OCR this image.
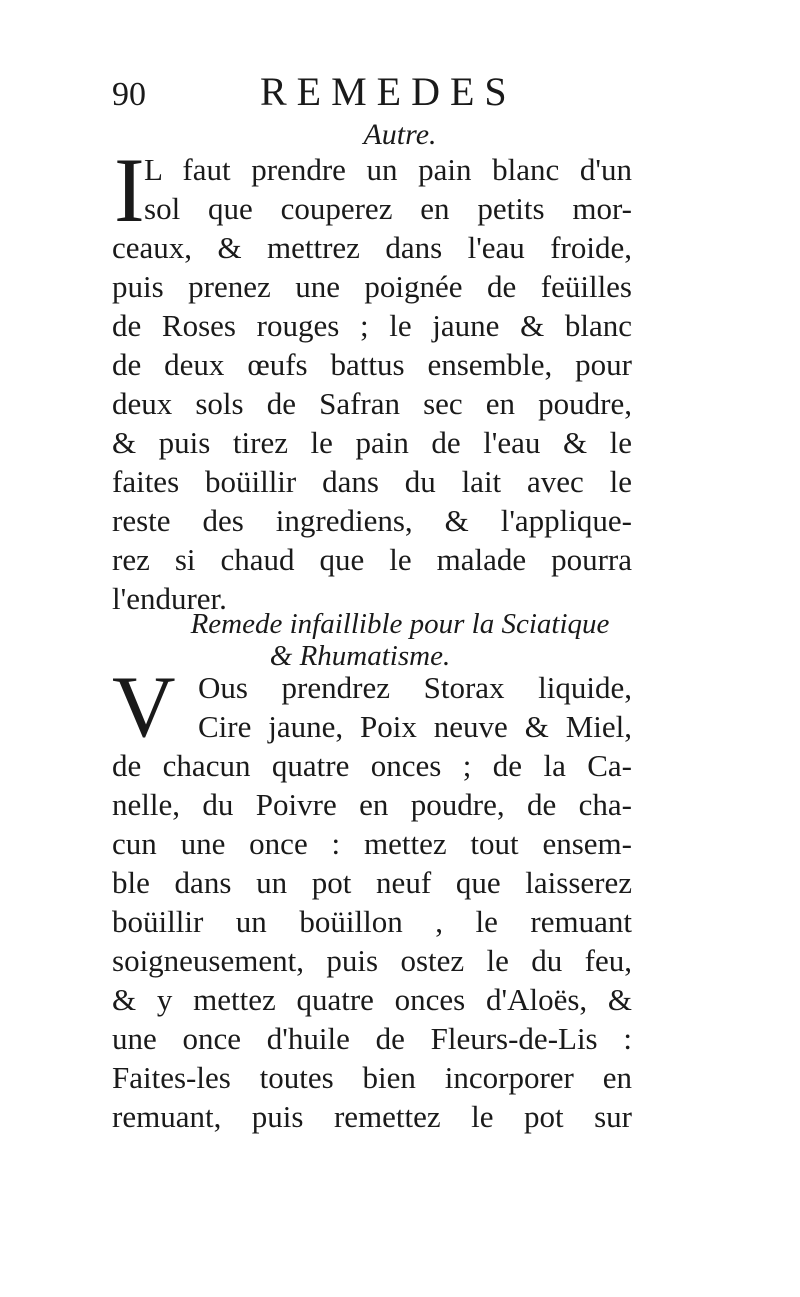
90	REMEDES
Autre.
I L faut prendre un pain blanc d'un
sol que couperez en petits mor-
ceaux, & mettrez dans l'eau froide,
puis prenez une poignée de feüilles
de Roses rouges ; le jaune & blanc
de deux œufs battus ensemble, pour
deux sols de Safran sec en poudre,
& puis tirez le pain de l'eau & le
faites boüillir dans du lait avec le
reste des ingrediens, & l'applique-
rez si chaud que le malade pourra
l'endurer.
Remede infaillible pour la Sciatique
& Rhumatisme.
V Ous prendrez Storax liquide,
Cire jaune, Poix neuve & Miel,
de chacun quatre onces ; de la Ca-
nelle, du Poivre en poudre, de cha-
cun une once : mettez tout ensem-
ble dans un pot neuf que laisserez
boüillir un boüillon , le remuant
soigneusement, puis ostez le du feu,
& y mettez quatre onces d'Aloës, &
une once d'huile de Fleurs-de-Lis :
Faites-les toutes bien incorporer en
remuant, puis remettez le pot sur
